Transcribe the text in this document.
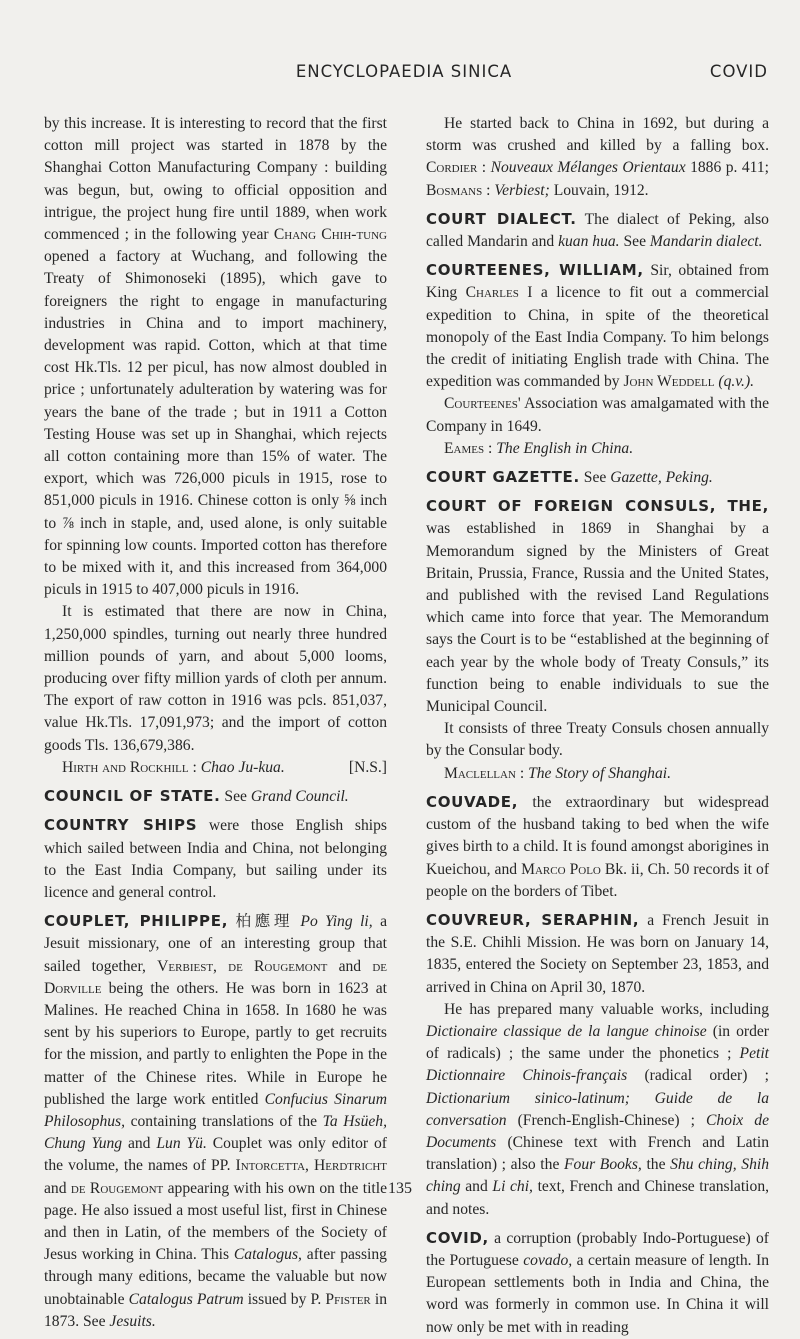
ENCYCLOPAEDIA SINICA	COVID

by this increase. It is interesting to record that the first cotton mill project was started in 1878 by the Shanghai Cotton Manufacturing Company : building was begun, but, owing to official opposition and intrigue, the project hung fire until 1889, when work commenced ; in the following year Chang Chih-tung opened a factory at Wuchang, and following the Treaty of Shimonoseki (1895), which gave to foreigners the right to engage in manufacturing industries in China and to import machinery, development was rapid. Cotton, which at that time cost Hk.Tls. 12 per picul, has now almost doubled in price ; unfortunately adulteration by watering was for years the bane of the trade ; but in 1911 a Cotton Testing House was set up in Shanghai, which rejects all cotton containing more than 15% of water. The export, which was 726,000 piculs in 1915, rose to 851,000 piculs in 1916. Chinese cotton is only ⅝ inch to ⅞ inch in staple, and, used alone, is only suitable for spinning low counts. Imported cotton has therefore to be mixed with it, and this increased from 364,000 piculs in 1915 to 407,000 piculs in 1916.

It is estimated that there are now in China, 1,250,000 spindles, turning out nearly three hundred million pounds of yarn, and about 5,000 looms, producing over fifty million yards of cloth per annum. The export of raw cotton in 1916 was pcls. 851,037, value Hk.Tls. 17,091,973; and the import of cotton goods Tls. 136,679,386.

Hirth and Rockhill : Chao Ju-kua.	[N.S.]

COUNCIL OF STATE. See Grand Council.

COUNTRY SHIPS were those English ships which sailed between India and China, not belonging to the East India Company, but sailing under its licence and general control.

COUPLET, PHILIPPE, 柏應理 Po Ying li, a Jesuit missionary, one of an interesting group that sailed together, Verbiest, de Rougemont and de Dorville being the others. He was born in 1623 at Malines. He reached China in 1658. In 1680 he was sent by his superiors to Europe, partly to get recruits for the mission, and partly to enlighten the Pope in the matter of the Chinese rites. While in Europe he published the large work entitled Confucius Sinarum Philosophus, containing translations of the Ta Hsüeh, Chung Yung and Lun Yü. Couplet was only editor of the volume, the names of PP. Intorcetta, Herdtricht and de Rougemont appearing with his own on the title page. He also issued a most useful list, first in Chinese and then in Latin, of the members of the Society of Jesus working in China. This Catalogus, after passing through many editions, became the valuable but now unobtainable Catalogus Patrum issued by P. Pfister in 1873. See Jesuits.

He started back to China in 1692, but during a storm was crushed and killed by a falling box. Cordier : Nouveaux Mélanges Orientaux 1886 p. 411; Bosmans : Verbiest; Louvain, 1912.

COURT DIALECT. The dialect of Peking, also called Mandarin and kuan hua. See Mandarin dialect.

COURTEENES, WILLIAM, Sir, obtained from King Charles I a licence to fit out a commercial expedition to China, in spite of the theoretical monopoly of the East India Company. To him belongs the credit of initiating English trade with China. The expedition was commanded by John Weddell (q.v.).

Courteenes' Association was amalgamated with the Company in 1649.

Eames : The English in China.

COURT GAZETTE. See Gazette, Peking.

COURT OF FOREIGN CONSULS, THE, was established in 1869 in Shanghai by a Memorandum signed by the Ministers of Great Britain, Prussia, France, Russia and the United States, and published with the revised Land Regulations which came into force that year. The Memorandum says the Court is to be “established at the beginning of each year by the whole body of Treaty Consuls,” its function being to enable individuals to sue the Municipal Council.

It consists of three Treaty Consuls chosen annually by the Consular body.

Maclellan : The Story of Shanghai.

COUVADE, the extraordinary but widespread custom of the husband taking to bed when the wife gives birth to a child. It is found amongst aborigines in Kueichou, and Marco Polo Bk. ii, Ch. 50 records it of people on the borders of Tibet.

COUVREUR, SERAPHIN, a French Jesuit in the S.E. Chihli Mission. He was born on January 14, 1835, entered the Society on September 23, 1853, and arrived in China on April 30, 1870.

He has prepared many valuable works, including Dictionaire classique de la langue chinoise (in order of radicals) ; the same under the phonetics ; Petit Dictionnaire Chinois-français (radical order) ; Dictionarium sinico-latinum; Guide de la conversation (French-English-Chinese) ; Choix de Documents (Chinese text with French and Latin translation) ; also the Four Books, the Shu ching, Shih ching and Li chi, text, French and Chinese translation, and notes.

COVID, a corruption (probably Indo-Portuguese) of the Portuguese covado, a certain measure of length. In European settlements both in India and China, the word was formerly in common use. In China it will now only be met with in reading

135
